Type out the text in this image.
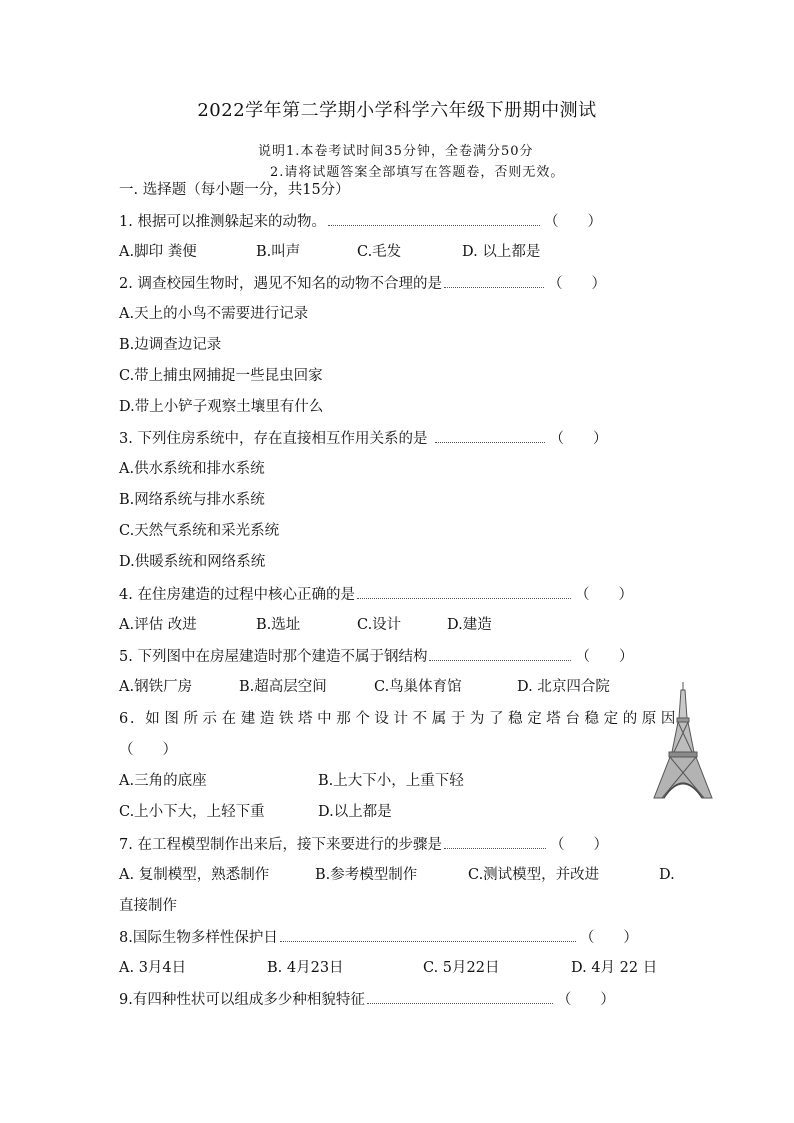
2022学年第二学期小学科学六年级下册期中测试
说明1.本卷考试时间35分钟，全卷满分50分
2.请将试题答案全部填写在答题卷，否则无效。
一. 选择题（每小题一分，共15分）
1. 根据可以推测躲起来的动物。	（　　）
A.脚印 粪便	B.叫声	C.毛发	D. 以上都是
2. 调查校园生物时，遇见不知名的动物不合理的是	（　　）
A.天上的小鸟不需要进行记录
B.边调查边记录
C.带上捕虫网捕捉一些昆虫回家
D.带上小铲子观察土壤里有什么
3. 下列住房系统中，存在直接相互作用关系的是	（　　）
A.供水系统和排水系统
B.网络系统与排水系统
C.天然气系统和采光系统
D.供暖系统和网络系统
4. 在住房建造的过程中核心正确的是	（　　）
A.评估 改进	B.选址	C.设计	D.建造
5. 下列图中在房屋建造时那个建造不属于钢结构	（　　）
A.钢铁厂房	B.超高层空间	C.鸟巢体育馆	D. 北京四合院
6. 如图所示在建造铁塔中那个设计不属于为了稳定塔台稳定的原因
（　　）
A.三角的底座	B.上大下小，上重下轻
C.上小下大，上轻下重	D.以上都是
7. 在工程模型制作出来后，接下来要进行的步骤是	（　　）
A. 复制模型，熟悉制作	B.参考模型制作	C.测试模型，并改进	D.
直接制作
8.国际生物多样性保护日	（　　）
A. 3月4日	B. 4月23日	C. 5月22日	D. 4月 22 日
9.有四种性状可以组成多少种相貌特征	（　　）
